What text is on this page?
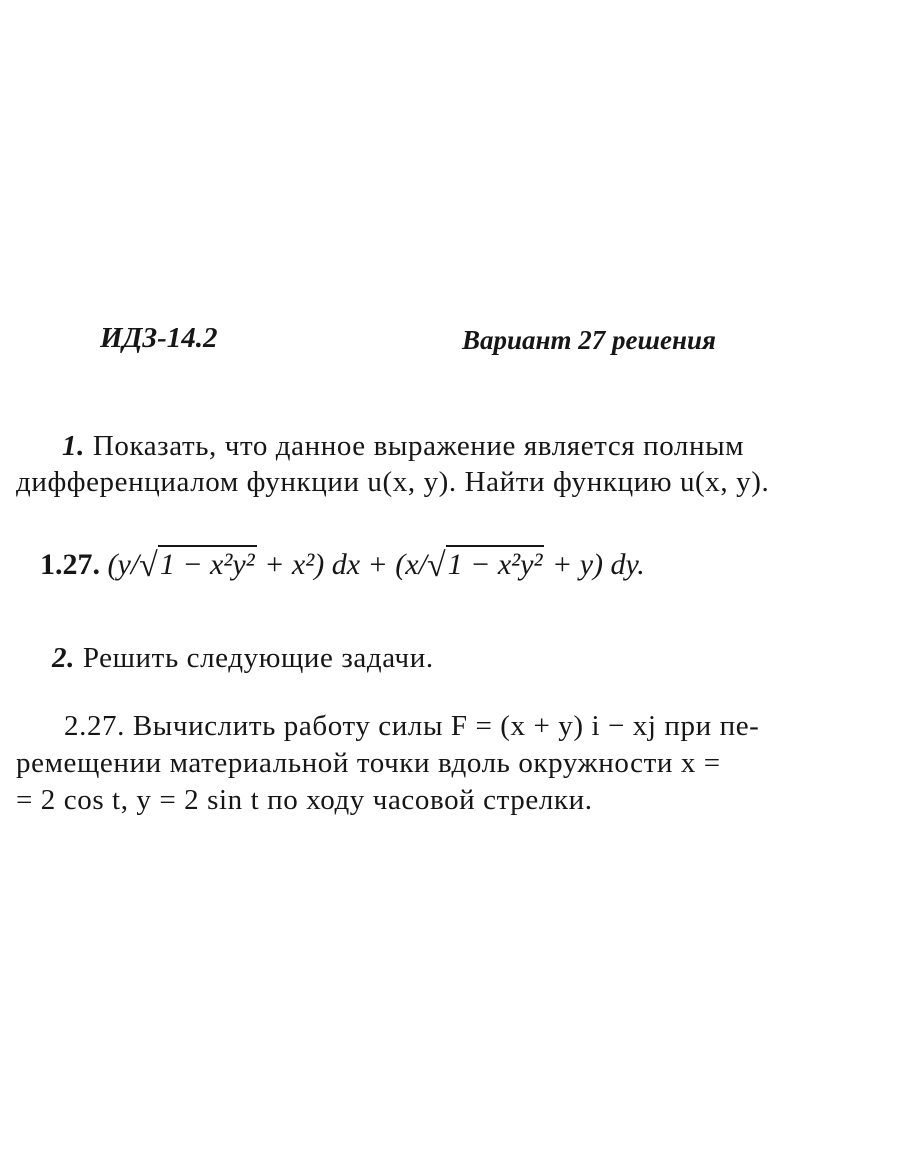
ИДЗ-14.2	Вариант 27 решения
1. Показать, что данное выражение является полным
дифференциалом функции u(x, y). Найти функцию u(x, y).
1.27. (y/√1 − x²y² + x²) dx + (x/√1 − x²y² + y) dy.
2. Решить следующие задачи.
2.27. Вычислить работу силы F = (x + y) i − xj при пе-
ремещении материальной точки вдоль окружности x =
= 2 cos t, y = 2 sin t по ходу часовой стрелки.
